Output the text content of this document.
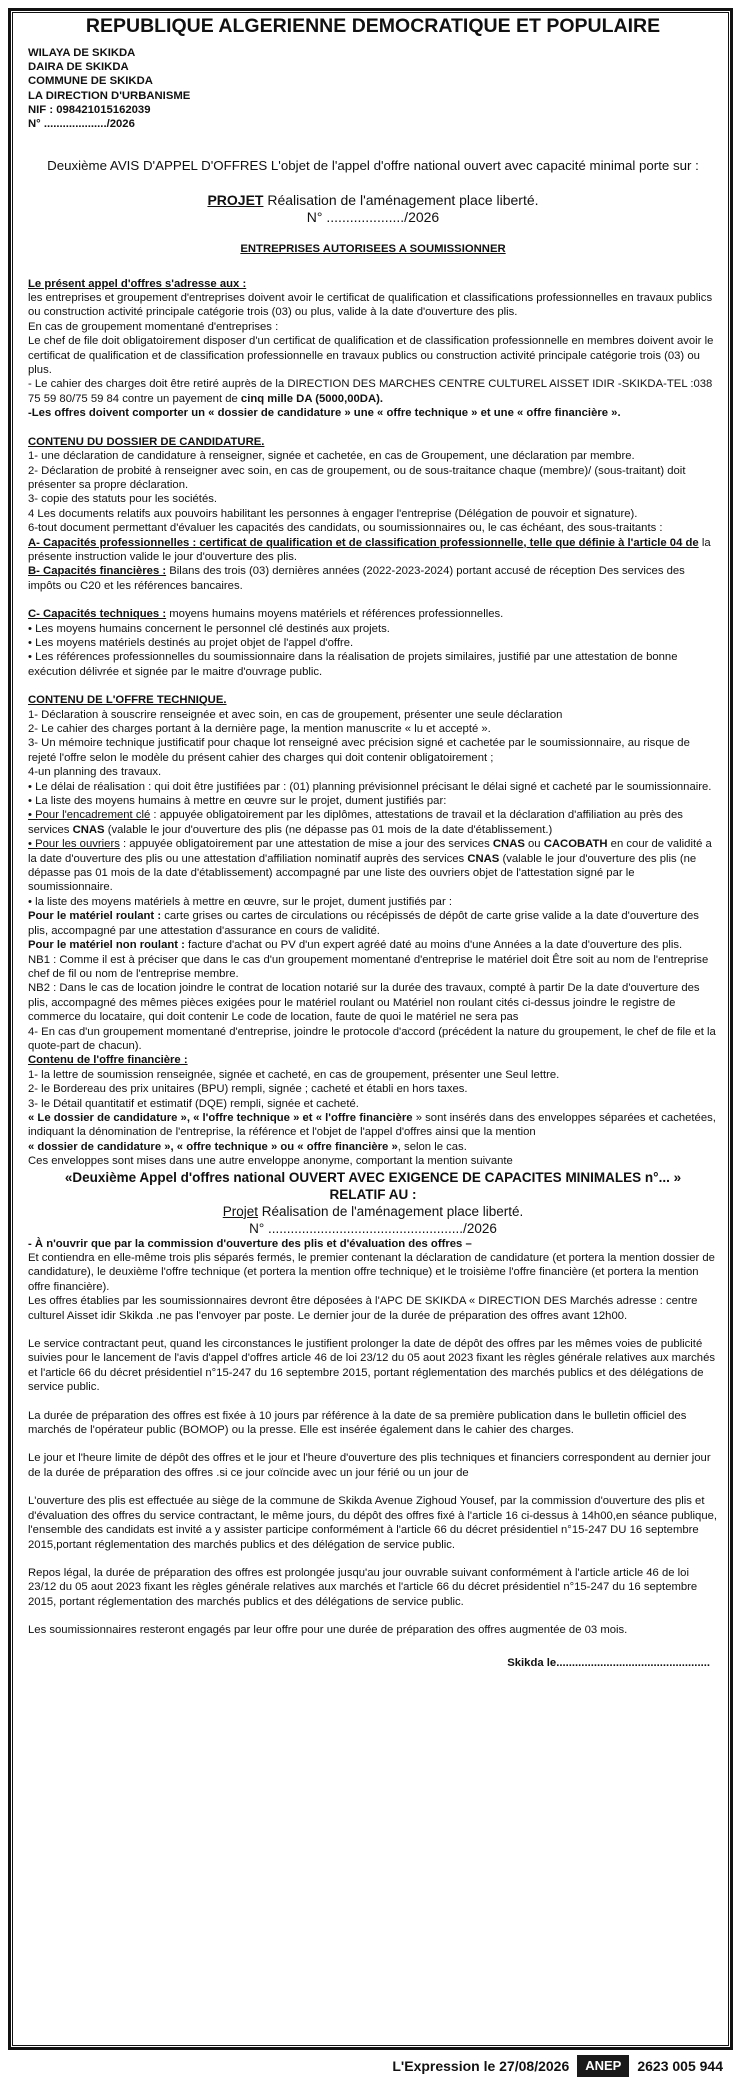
REPUBLIQUE ALGERIENNE DEMOCRATIQUE ET POPULAIRE
WILAYA DE SKIKDA
DAIRA DE SKIKDA
COMMUNE DE SKIKDA
LA DIRECTION D'URBANISME
NIF : 098421015162039
N° ..................../2026
Deuxième AVIS D'APPEL D'OFFRES L'objet de l'appel d'offre national ouvert avec capacité minimal porte sur :
PROJET Réalisation de l'aménagement place liberté.
N° ..................../2026
ENTREPRISES AUTORISEES A SOUMISSIONNER
Le présent appel d'offres s'adresse aux :
les entreprises et groupement d'entreprises doivent avoir le certificat de qualification et classifications professionnelles en travaux publics ou construction activité principale catégorie trois (03) ou plus, valide à la date d'ouverture des plis.
En cas de groupement momentané d'entreprises :
Le chef de file doit obligatoirement disposer d'un certificat de qualification et de classification professionnelle en membres doivent avoir le certificat de qualification et de classification professionnelle en travaux publics ou construction activité principale catégorie trois (03) ou plus.
- Le cahier des charges doit être retiré auprès de la DIRECTION DES MARCHES CENTRE CULTUREL AISSET IDIR -SKIKDA-TEL :038 75 59 80/75 59 84 contre un payement de cinq mille DA (5000,00DA).
-Les offres doivent comporter un « dossier de candidature » une « offre technique » et une « offre financière ».
CONTENU DU DOSSIER DE CANDIDATURE.
1- une déclaration de candidature à renseigner, signée et cachetée, en cas de Groupement, une déclaration par membre.
2- Déclaration de probité à renseigner avec soin, en cas de groupement, ou de sous-traitance chaque (membre)/ (sous-traitant) doit présenter sa propre déclaration.
3- copie des statuts pour les sociétés.
4 Les documents relatifs aux pouvoirs habilitant les personnes à engager l'entreprise (Délégation de pouvoir et signature).
6-tout document permettant d'évaluer les capacités des candidats, ou soumissionnaires ou, le cas échéant, des sous-traitants :
A- Capacités professionnelles : certificat de qualification et de classification professionnelle, telle que définie à l'article 04 de la présente instruction valide le jour d'ouverture des plis.
B- Capacités financières : Bilans des trois (03) dernières années (2022-2023-2024) portant accusé de réception Des services des impôts ou C20 et les références bancaires.
C- Capacités techniques : moyens humains moyens matériels et références professionnelles.
• Les moyens humains concernent le personnel clé destinés aux projets.
• Les moyens matériels destinés au projet objet de l'appel d'offre.
• Les références professionnelles du soumissionnaire dans la réalisation de projets similaires, justifié par une attestation de bonne exécution délivrée et signée par le maitre d'ouvrage public.
CONTENU DE L'OFFRE TECHNIQUE.
1- Déclaration à souscrire renseignée et avec soin, en cas de groupement, présenter une seule déclaration
2- Le cahier des charges portant à la dernière page, la mention manuscrite « lu et accepté ».
3- Un mémoire technique justificatif pour chaque lot renseigné avec précision signé et cachetée par le soumissionnaire, au risque de rejeté l'offre selon le modèle du présent cahier des charges qui doit contenir obligatoirement ;
4-un planning des travaux.
• Le délai de réalisation : qui doit être justifiées par : (01) planning prévisionnel précisant le délai signé et cacheté par le soumissionnaire.
• La liste des moyens humains à mettre en œuvre sur le projet, dument justifiés par:
• Pour l'encadrement clé : appuyée obligatoirement par les diplômes, attestations de travail et la déclaration d'affiliation au près des services CNAS (valable le jour d'ouverture des plis (ne dépasse pas 01 mois de la date d'établissement.)
• Pour les ouvriers : appuyée obligatoirement par une attestation de mise a jour des services CNAS ou CACOBATH en cour de validité a la date d'ouverture des plis ou une attestation d'affiliation nominatif auprès des services CNAS (valable le jour d'ouverture des plis (ne dépasse pas 01 mois de la date d'établissement) accompagné par une liste des ouvriers objet de l'attestation signé par le soumissionnaire.
• la liste des moyens matériels à mettre en œuvre, sur le projet, dument justifiés par :
Pour le matériel roulant : carte grises ou cartes de circulations ou récépissés de dépôt de carte grise valide a la date d'ouverture des plis, accompagné par une attestation d'assurance en cours de validité.
Pour le matériel non roulant : facture d'achat ou PV d'un expert agréé daté au moins d'une Années a la date d'ouverture des plis.
NB1 : Comme il est à préciser que dans le cas d'un groupement momentané d'entreprise le matériel doit Être soit au nom de l'entreprise chef de fil ou nom de l'entreprise membre.
NB2 : Dans le cas de location joindre le contrat de location notarié sur la durée des travaux, compté à partir De la date d'ouverture des plis, accompagné des mêmes pièces exigées pour le matériel roulant ou Matériel non roulant cités ci-dessus joindre le registre de commerce du locataire, qui doit contenir Le code de location, faute de quoi le matériel ne sera pas
4- En cas d'un groupement momentané d'entreprise, joindre le protocole d'accord (précédent la nature du groupement, le chef de file et la quote-part de chacun).
Contenu de l'offre financière :
1- la lettre de soumission renseignée, signée et cacheté, en cas de groupement, présenter une Seul lettre.
2- le Bordereau des prix unitaires (BPU) rempli, signée ; cacheté et établi en hors taxes.
3- le Détail quantitatif et estimatif (DQE) rempli, signée et cacheté.
« Le dossier de candidature », « l'offre technique » et « l'offre financière » sont insérés dans des enveloppes séparées et cachetées, indiquant la dénomination de l'entreprise, la référence et l'objet de l'appel d'offres ainsi que la mention
« dossier de candidature », « offre technique » ou « offre financière », selon le cas.
Ces enveloppes sont mises dans une autre enveloppe anonyme, comportant la mention suivante
«Deuxième Appel d'offres national OUVERT AVEC EXIGENCE DE CAPACITES MINIMALES n°... »
RELATIF AU :
Projet Réalisation de l'aménagement place liberté.
N° ..................................................../2026
- À n'ouvrir que par la commission d'ouverture des plis et d'évaluation des offres –
Et contiendra en elle-même trois plis séparés fermés, le premier contenant la déclaration de candidature (et portera la mention dossier de candidature), le deuxième l'offre technique (et portera la mention offre technique) et le troisième l'offre financière (et portera la mention offre financière).
Les offres établies par les soumissionnaires devront être déposées à l'APC DE SKIKDA « DIRECTION DES Marchés adresse : centre culturel Aisset idir Skikda .ne pas l'envoyer par poste. Le dernier jour de la durée de préparation des offres avant 12h00.
Le service contractant peut, quand les circonstances le justifient prolonger la date de dépôt des offres par les mêmes voies de publicité suivies pour le lancement de l'avis d'appel d'offres article 46 de loi 23/12 du 05 aout 2023 fixant les règles générale relatives aux marchés et l'article 66 du décret présidentiel n°15-247 du 16 septembre 2015, portant réglementation des marchés publics et des délégations de service public.
La durée de préparation des offres est fixée à 10 jours par référence à la date de sa première publication dans le bulletin officiel des marchés de l'opérateur public (BOMOP) ou la presse. Elle est insérée également dans le cahier des charges.
Le jour et l'heure limite de dépôt des offres et le jour et l'heure d'ouverture des plis techniques et financiers correspondent au dernier jour de la durée de préparation des offres .si ce jour coïncide avec un jour férié ou un jour de
L'ouverture des plis est effectuée au siège de la commune de Skikda Avenue Zighoud Yousef, par la commission d'ouverture des plis et d'évaluation des offres du service contractant, le même jours, du dépôt des offres fixé à l'article 16 ci-dessus à 14h00,en séance publique, l'ensemble des candidats est invité a y assister participe conformément à l'article 66 du décret présidentiel n°15-247 DU 16 septembre 2015,portant réglementation des marchés publics et des délégation de service public.
Repos légal, la durée de préparation des offres est prolongée jusqu'au jour ouvrable suivant conformément à l'article article 46 de loi 23/12 du 05 aout 2023 fixant les règles générale relatives aux marchés et l'article 66 du décret présidentiel n°15-247 du 16 septembre 2015, portant réglementation des marchés publics et des délégations de service public.
Les soumissionnaires resteront engagés par leur offre pour une durée de préparation des offres augmentée de 03 mois.
Skikda le.................................................
L'Expression le 27/08/2026	ANEP	2623 005 944
